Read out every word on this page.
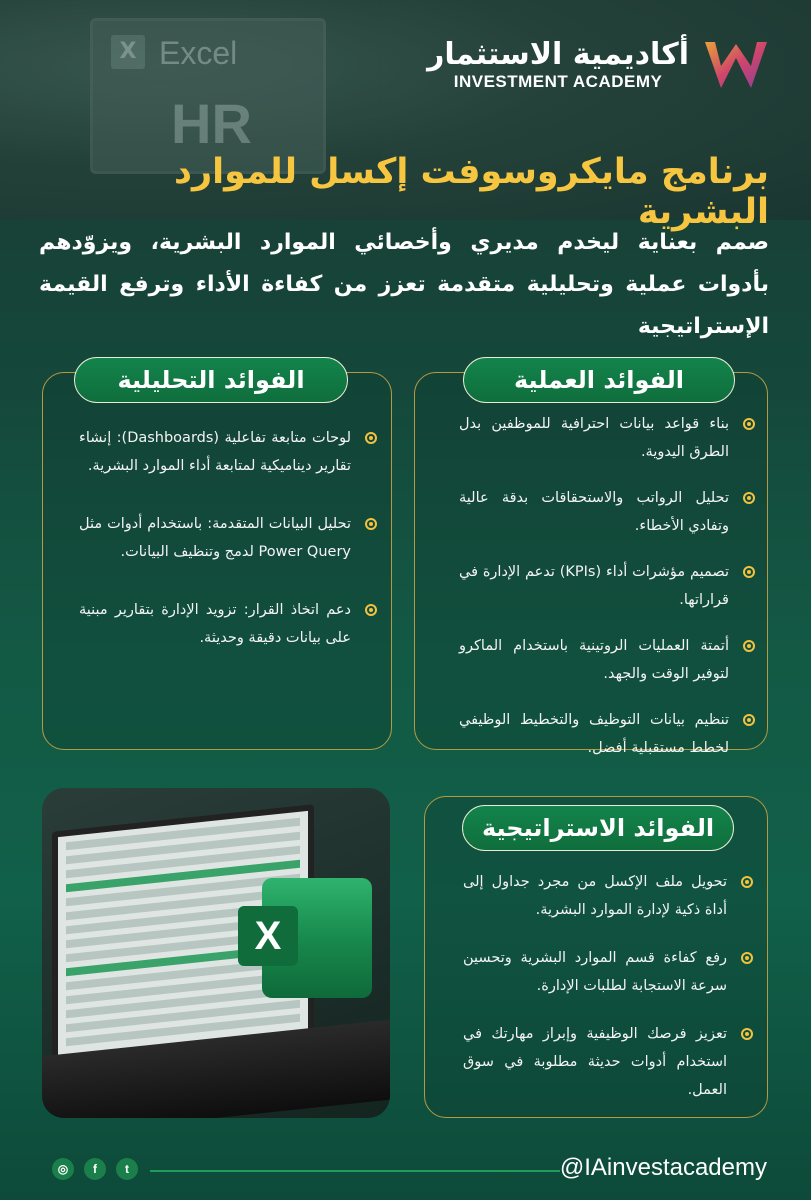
X Excel
HR
أكاديمية الاستثمار
INVESTMENT ACADEMY
برنامج مايكروسوفت إكسل للموارد البشرية
صمم بعناية ليخدم مديري وأخصائي الموارد البشرية، ويزوّدهم بأدوات عملية وتحليلية متقدمة تعزز من كفاءة الأداء وترفع القيمة الإستراتيجية
الفوائد العملية
بناء قواعد بيانات احترافية للموظفين بدل الطرق اليدوية.
تحليل الرواتب والاستحقاقات بدقة عالية وتفادي الأخطاء.
تصميم مؤشرات أداء (KPIs) تدعم الإدارة في قراراتها.
أتمتة العمليات الروتينية باستخدام الماكرو لتوفير الوقت والجهد.
تنظيم بيانات التوظيف والتخطيط الوظيفي لخطط مستقبلية أفضل.
الفوائد التحليلية
لوحات متابعة تفاعلية (Dashboards): إنشاء تقارير ديناميكية لمتابعة أداء الموارد البشرية.
تحليل البيانات المتقدمة: باستخدام أدوات مثل Power Query لدمج وتنظيف البيانات.
دعم اتخاذ القرار: تزويد الإدارة بتقارير مبنية على بيانات دقيقة وحديثة.
X
الفوائد الاستراتيجية
تحويل ملف الإكسل من مجرد جداول إلى أداة ذكية لإدارة الموارد البشرية.
رفع كفاءة قسم الموارد البشرية وتحسين سرعة الاستجابة لطلبات الإدارة.
تعزيز فرصك الوظيفية وإبراز مهارتك في استخدام أدوات حديثة مطلوبة في سوق العمل.
◎	f	t	@IAinvestacademy
